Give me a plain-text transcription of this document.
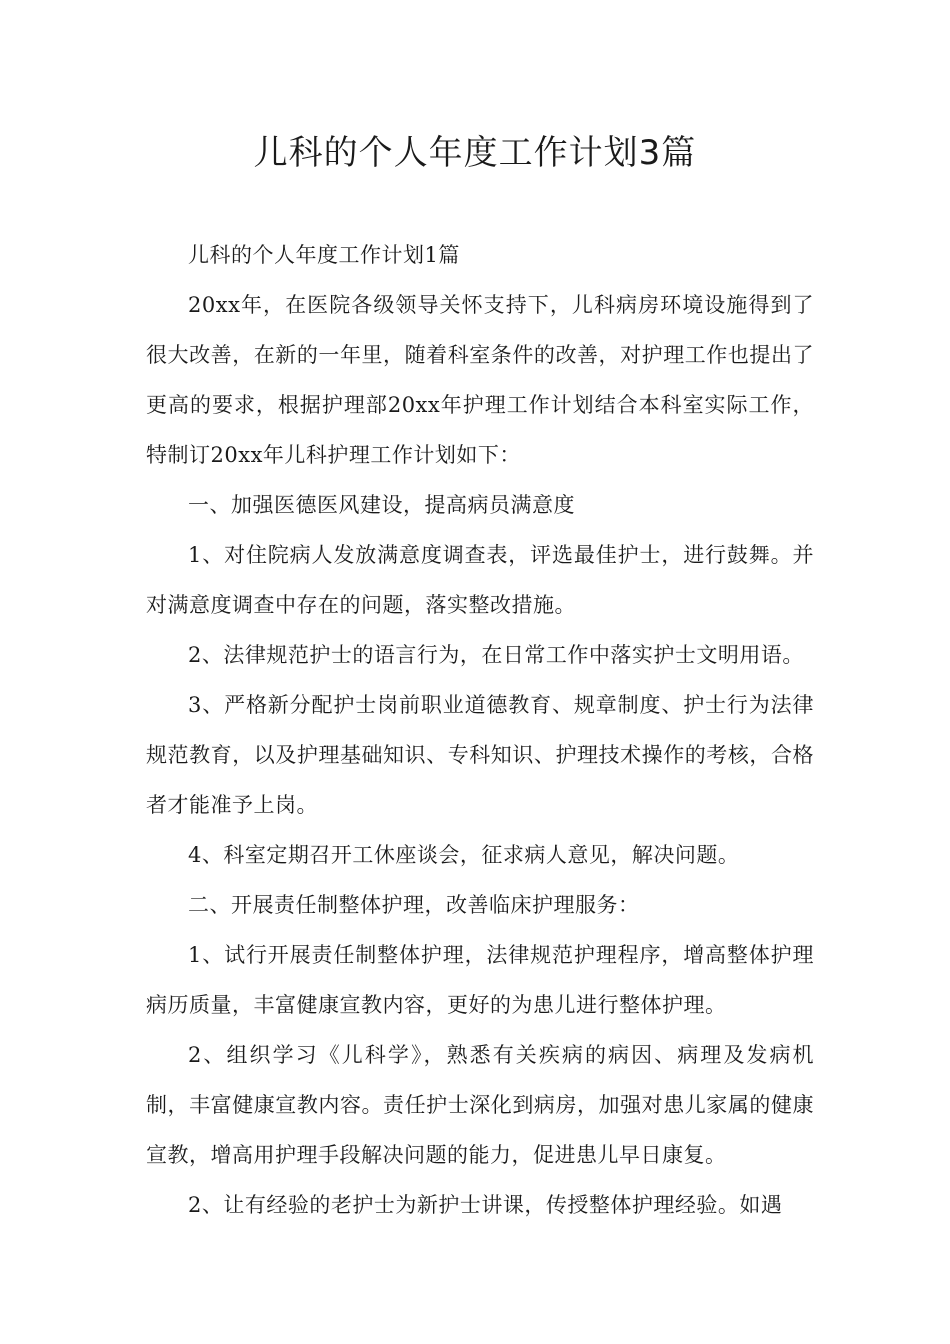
儿科的个人年度工作计划3篇

儿科的个人年度工作计划1篇

20xx年，在医院各级领导关怀支持下，儿科病房环境设施得到了很大改善，在新的一年里，随着科室条件的改善，对护理工作也提出了更高的要求，根据护理部20xx年护理工作计划结合本科室实际工作，特制订20xx年儿科护理工作计划如下：

一、加强医德医风建设，提高病员满意度

1、对住院病人发放满意度调查表，评选最佳护士，进行鼓舞。并对满意度调查中存在的问题，落实整改措施。

2、法律规范护士的语言行为，在日常工作中落实护士文明用语。

3、严格新分配护士岗前职业道德教育、规章制度、护士行为法律规范教育，以及护理基础知识、专科知识、护理技术操作的考核，合格者才能准予上岗。

4、科室定期召开工休座谈会，征求病人意见，解决问题。

二、开展责任制整体护理，改善临床护理服务：

1、试行开展责任制整体护理，法律规范护理程序，增高整体护理病历质量，丰富健康宣教内容，更好的为患儿进行整体护理。

2、组织学习《儿科学》，熟悉有关疾病的病因、病理及发病机制，丰富健康宣教内容。责任护士深化到病房，加强对患儿家属的健康宣教，增高用护理手段解决问题的能力，促进患儿早日康复。

2、让有经验的老护士为新护士讲课，传授整体护理经验。如遇
